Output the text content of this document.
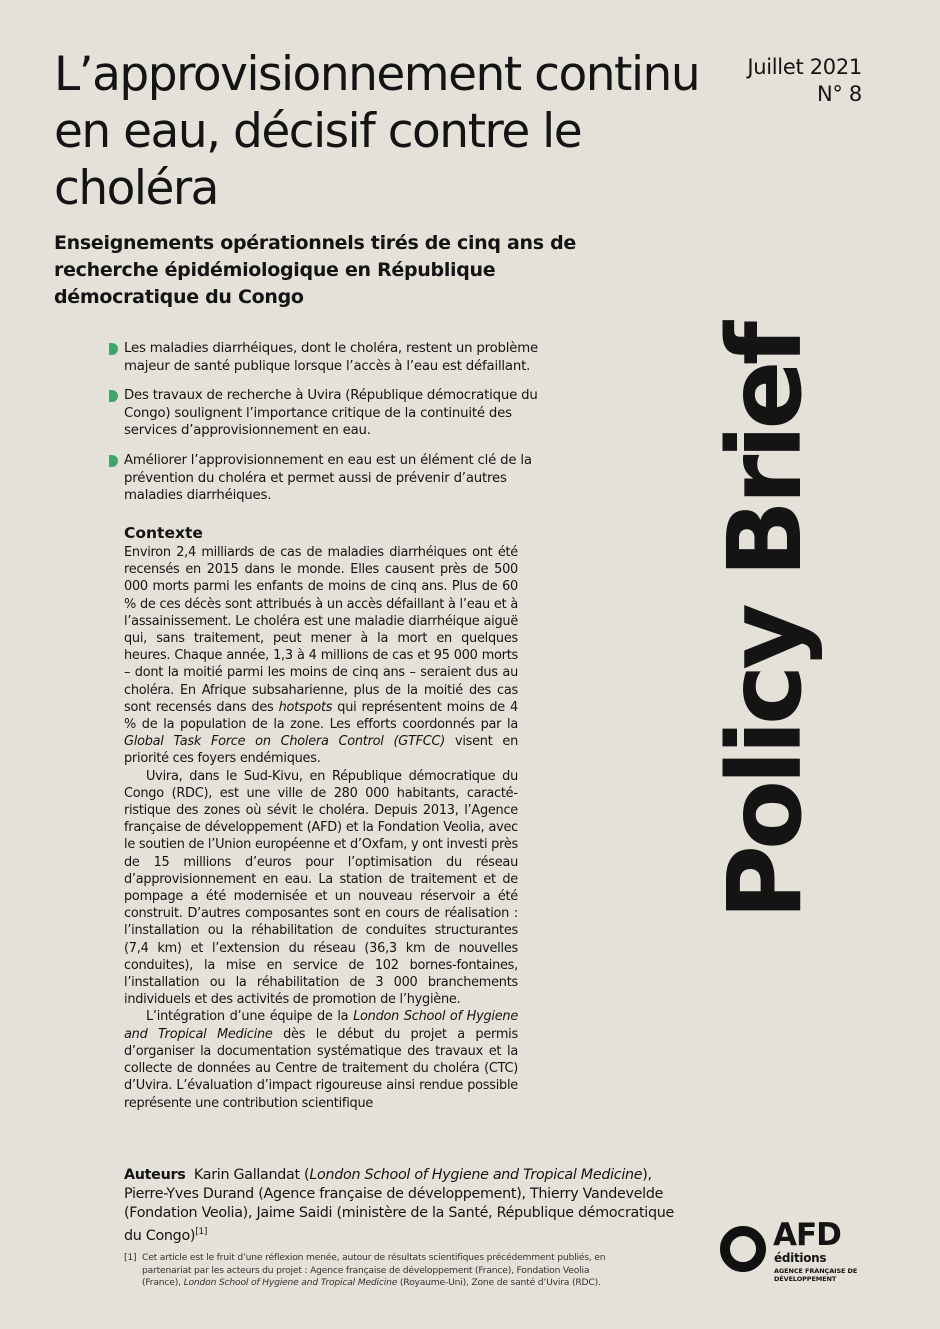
L’approvisionnement continu en eau, décisif contre le choléra
Juillet 2021
N° 8
Enseignements opérationnels tirés de cinq ans de recherche épidémiologique en République démocratique du Congo
Les maladies diarrhéiques, dont le choléra, restent un problème majeur de santé publique lorsque l’accès à l’eau est défaillant.
Des travaux de recherche à Uvira (République démocratique du Congo) soulignent l’importance critique de la continuité des services d’approvisionnement en eau.
Améliorer l’approvisionnement en eau est un élément clé de la prévention du choléra et permet aussi de prévenir d’autres maladies diarrhéiques.
Contexte

Environ 2,4 milliards de cas de maladies diarrhéiques ont été recensés en 2015 dans le monde. Elles causent près de 500 000 morts parmi les enfants de moins de cinq ans. Plus de 60 % de ces décès sont attribués à un accès défaillant à l’eau et à l’assainissement. Le choléra est une maladie diarrhéique aiguë qui, sans traitement, peut mener à la mort en quelques heures. Chaque année, 1,3 à 4 millions de cas et 95 000 morts – dont la moitié parmi les moins de cinq ans – seraient dus au choléra. En Afrique subsaharienne, plus de la moitié des cas sont recensés dans des hotspots qui représentent moins de 4 % de la population de la zone. Les efforts coordonnés par la Global Task Force on Cholera Control (GTFCC) visent en priorité ces foyers endémiques.

Uvira, dans le Sud-Kivu, en République démocratique du Congo (RDC), est une ville de 280 000 habitants, caractéristique des zones où sévit le choléra. Depuis 2013, l’Agence française de développement (AFD) et la Fondation Veolia, avec le soutien de l’Union européenne et d’Oxfam, y ont investi près de 15 millions d’euros pour l’optimisation du réseau d’approvisionnement en eau. La station de traitement et de pompage a été modernisée et un nouveau réservoir a été construit. D’autres composantes sont en cours de réalisation : l’installation ou la réhabilitation de conduites structurantes (7,4 km) et l’extension du réseau (36,3 km de nouvelles conduites), la mise en service de 102 bornes-fontaines, l’installation ou la réhabilitation de 3 000 branchements individuels et des activités de promotion de l’hygiène.

L’intégration d’une équipe de la London School of Hygiene and Tropical Medicine dès le début du projet a permis d’organiser la documentation systématique des travaux et la collecte de données au Centre de traitement du choléra (CTC) d’Uvira. L’évaluation d’impact rigoureuse ainsi rendue possible représente une contribution scientifique

Policy Brief
Auteurs Karin Gallandat (London School of Hygiene and Tropical Medicine), Pierre-Yves Durand (Agence française de développement), Thierry Vandevelde (Fondation Veolia), Jaime Saidi (ministère de la Santé, République démocratique du Congo)[1]
[1] Cet article est le fruit d’une réflexion menée, autour de résultats scientifiques précédemment publiés, en partenariat par les acteurs du projet : Agence française de développement (France), Fondation Veolia (France), London School of Hygiene and Tropical Medicine (Royaume-Uni), Zone de santé d’Uvira (RDC).
AFD
éditions
AGENCE FRANÇAISE DE DÉVELOPPEMENT
